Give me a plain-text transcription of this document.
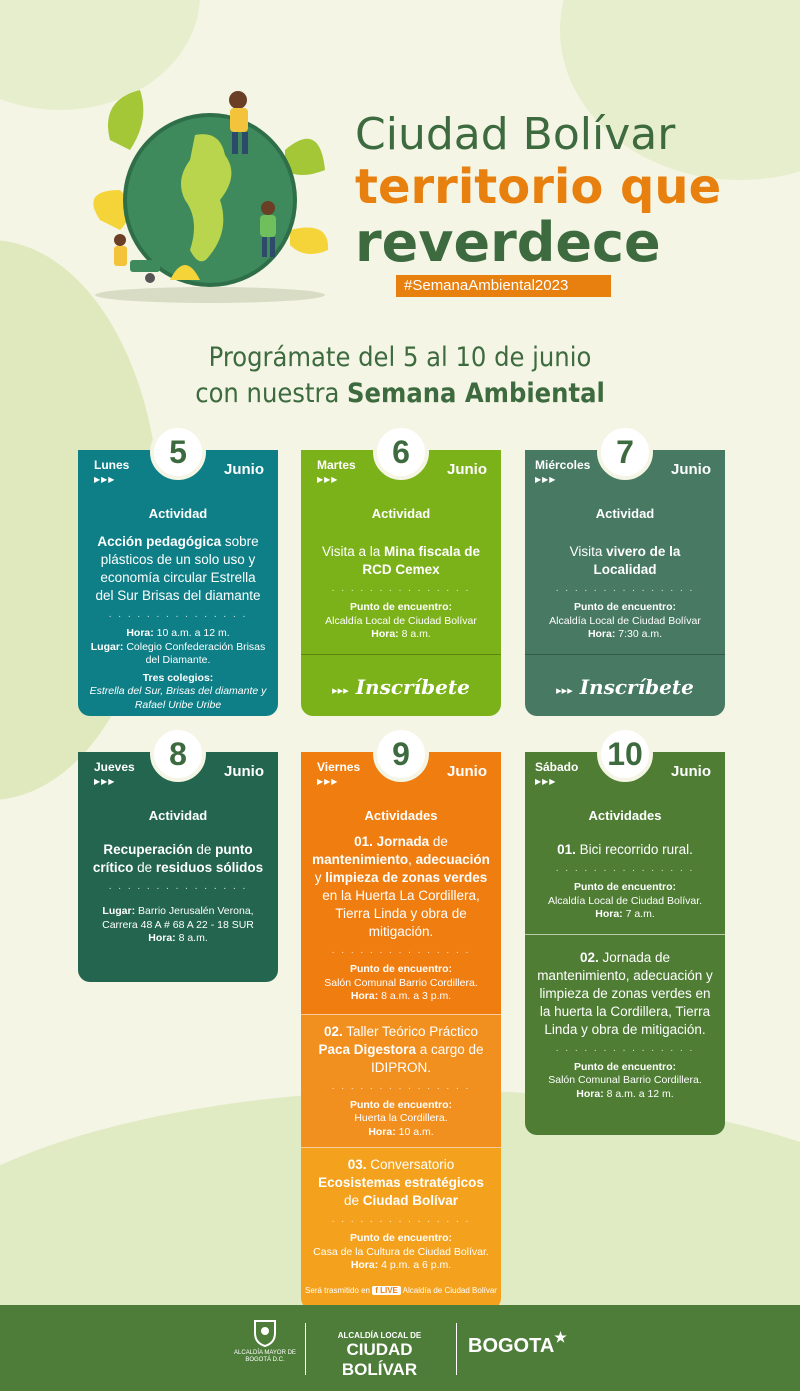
Ciudad Bolívar
territorio que
reverdece
#SemanaAmbiental2023
Prográmate del 5 al 10 de junio
con nuestra Semana Ambiental
Lunes
▶▶▶
5	Junio
Actividad
Acción pedagógica sobre plásticos de un solo uso y economía circular Estrella del Sur Brisas del diamante
. . . . . . . . . . . . . . .
Hora: 10 a.m. a 12 m.
Lugar: Colegio Confederación Brisas del Diamante.
Tres colegios:
Estrella del Sur, Brisas del diamante y Rafael Uribe Uribe
Martes
▶▶▶
6	Junio
Actividad
Visita a la Mina fiscala de RCD Cemex
. . . . . . . . . . . . . . .
Punto de encuentro:
Alcaldía Local de Ciudad Bolívar
Hora: 8 a.m.
▸▸▸ Inscríbete
Miércoles
▶▶▶
7	Junio
Actividad
Visita vivero de la Localidad
. . . . . . . . . . . . . . .
Punto de encuentro:
Alcaldía Local de Ciudad Bolívar
Hora: 7:30 a.m.
▸▸▸ Inscríbete
Jueves
▶▶▶
8	Junio
Actividad
Recuperación de punto crítico de residuos sólidos
. . . . . . . . . . . . . . .
Lugar: Barrio Jerusalén Verona, Carrera 48 A # 68 A 22 - 18 SUR
Hora: 8 a.m.
Viernes
▶▶▶
9	Junio
Actividades
01. Jornada de mantenimiento, adecuación y limpieza de zonas verdes en la Huerta La Cordillera, Tierra Linda y obra de mitigación.
. . . . . . . . . . . . . . .
Punto de encuentro:
Salón Comunal Barrio Cordillera.
Hora: 8 a.m. a 3 p.m.
02. Taller Teórico Práctico Paca Digestora a cargo de IDIPRON.
. . . . . . . . . . . . . . .
Punto de encuentro:
Huerta la Cordillera.
Hora: 10 a.m.
03. Conversatorio Ecosistemas estratégicos de Ciudad Bolívar
. . . . . . . . . . . . . . .
Punto de encuentro:
Casa de la Cultura de Ciudad Bolívar.
Hora: 4 p.m. a 6 p.m.
Será trasmitido en f LIVE Alcaldía de Ciudad Bolívar
Sábado
▶▶▶
10	Junio
Actividades
01. Bici recorrido rural.
. . . . . . . . . . . . . . .
Punto de encuentro:
Alcaldía Local de Ciudad Bolívar.
Hora: 7 a.m.
02. Jornada de mantenimiento, adecuación y limpieza de zonas verdes en la huerta la Cordillera, Tierra Linda y obra de mitigación.
. . . . . . . . . . . . . . .
Punto de encuentro:
Salón Comunal Barrio Cordillera.
Hora: 8 a.m. a 12 m.
ALCALDÍA MAYOR DE BOGOTÁ D.C.
ALCALDÍA LOCAL DE
CIUDAD BOLÍVAR
BOGOTA★
